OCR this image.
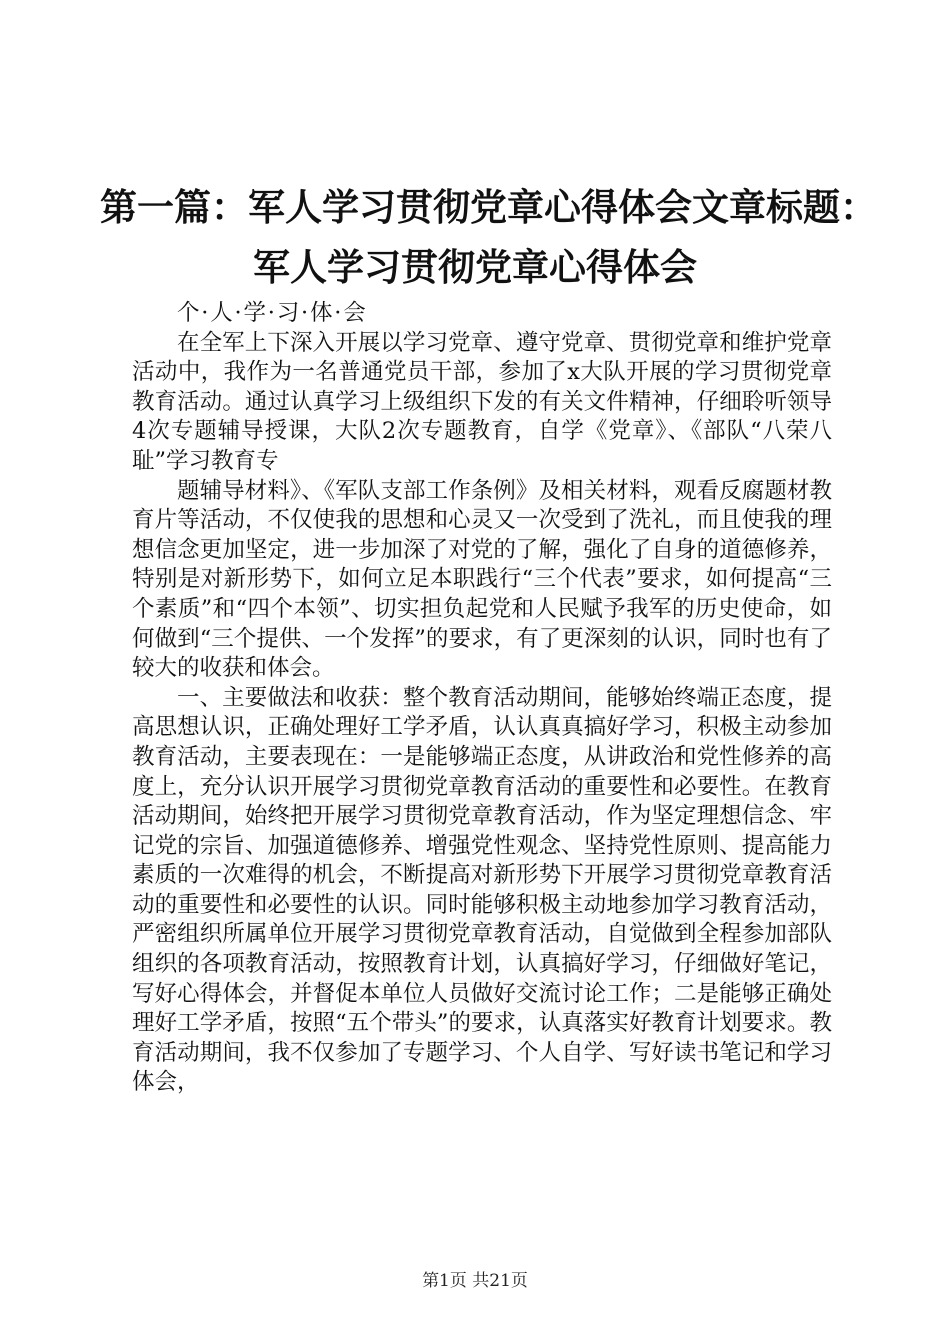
第一篇：军人学习贯彻党章心得体会文章标题：
军人学习贯彻党章心得体会

个·人·学·习·体·会

在全军上下深入开展以学习党章、遵守党章、贯彻党章和维护党章活动中，我作为一名普通党员干部，参加了x大队开展的学习贯彻党章教育活动。通过认真学习上级组织下发的有关文件精神，仔细聆听领导4次专题辅导授课，大队2次专题教育，自学《党章》、《部队“八荣八耻”学习教育专

题辅导材料》、《军队支部工作条例》及相关材料，观看反腐题材教育片等活动，不仅使我的思想和心灵又一次受到了洗礼，而且使我的理想信念更加坚定，进一步加深了对党的了解，强化了自身的道德修养，特别是对新形势下，如何立足本职践行“三个代表”要求，如何提高“三个素质”和“四个本领”、切实担负起党和人民赋予我军的历史使命，如何做到“三个提供、一个发挥”的要求，有了更深刻的认识，同时也有了较大的收获和体会。

一、主要做法和收获：整个教育活动期间，能够始终端正态度，提高思想认识，正确处理好工学矛盾，认认真真搞好学习，积极主动参加教育活动，主要表现在：一是能够端正态度，从讲政治和党性修养的高度上，充分认识开展学习贯彻党章教育活动的重要性和必要性。在教育活动期间，始终把开展学习贯彻党章教育活动，作为坚定理想信念、牢记党的宗旨、加强道德修养、增强党性观念、坚持党性原则、提高能力素质的一次难得的机会，不断提高对新形势下开展学习贯彻党章教育活动的重要性和必要性的认识。同时能够积极主动地参加学习教育活动，严密组织所属单位开展学习贯彻党章教育活动，自觉做到全程参加部队组织的各项教育活动，按照教育计划，认真搞好学习，仔细做好笔记，写好心得体会，并督促本单位人员做好交流讨论工作；二是能够正确处理好工学矛盾，按照“五个带头”的要求，认真落实好教育计划要求。教育活动期间，我不仅参加了专题学习、个人自学、写好读书笔记和学习体会，

第1页 共21页
